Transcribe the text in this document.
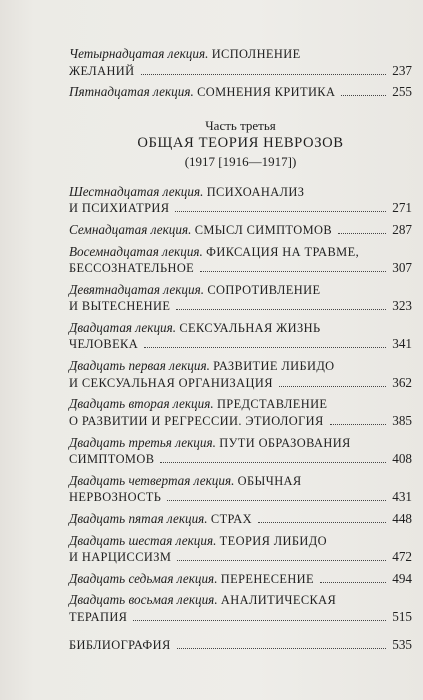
Четырнадцатая лекция. ИСПОЛНЕНИЕ
ЖЕЛАНИЙ	237
Пятнадцатая лекция. СОМНЕНИЯ КРИТИКА	255
Часть третья
ОБЩАЯ ТЕОРИЯ НЕВРОЗОВ
(1917 [1916—1917])
Шестнадцатая лекция. ПСИХОАНАЛИЗ
И ПСИХИАТРИЯ	271
Семнадцатая лекция. СМЫСЛ СИМПТОМОВ	287
Восемнадцатая лекция. ФИКСАЦИЯ НА ТРАВМЕ,
БЕССОЗНАТЕЛЬНОЕ	307
Девятнадцатая лекция. СОПРОТИВЛЕНИЕ
И ВЫТЕСНЕНИЕ	323
Двадцатая лекция. СЕКСУАЛЬНАЯ ЖИЗНЬ
ЧЕЛОВЕКА	341
Двадцать первая лекция. РАЗВИТИЕ ЛИБИДО
И СЕКСУАЛЬНАЯ ОРГАНИЗАЦИЯ	362
Двадцать вторая лекция. ПРЕДСТАВЛЕНИЕ
О РАЗВИТИИ И РЕГРЕССИИ. ЭТИОЛОГИЯ	385
Двадцать третья лекция. ПУТИ ОБРАЗОВАНИЯ
СИМПТОМОВ	408
Двадцать четвертая лекция. ОБЫЧНАЯ
НЕРВОЗНОСТЬ	431
Двадцать пятая лекция. СТРАХ	448
Двадцать шестая лекция. ТЕОРИЯ ЛИБИДО
И НАРЦИССИЗМ	472
Двадцать седьмая лекция. ПЕРЕНЕСЕНИЕ	494
Двадцать восьмая лекция. АНАЛИТИЧЕСКАЯ
ТЕРАПИЯ	515
БИБЛИОГРАФИЯ	535
